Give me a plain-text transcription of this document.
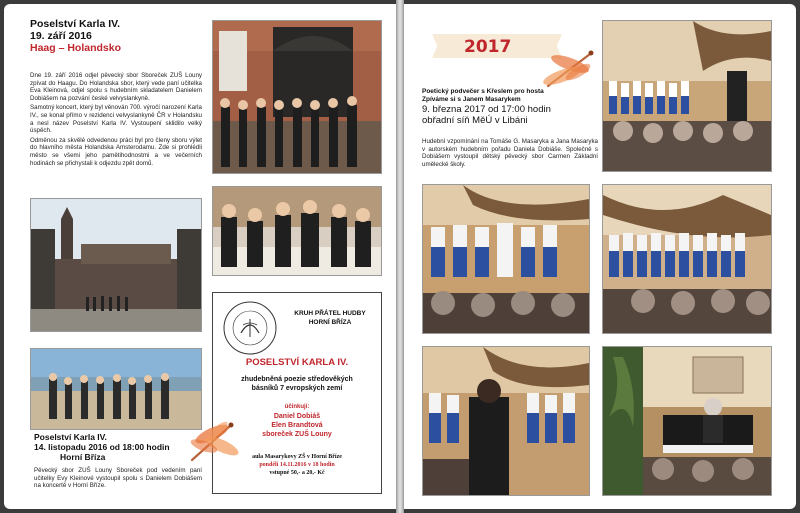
Poselství Karla IV.
19. září 2016
Haag – Holandsko

Dne 19. září 2016 odjel pěvecký sbor Sboreček ZUŠ Louny zpívat do Haagu. Do Holandska sbor, který vede paní učitelka Eva Kleinová, odjel spolu s hudebním skladatelem Danielem Dobiášem na pozvání české velvyslankyně.

Samotný koncert, který byl věnován 700. výročí narození Karla IV., se konal přímo v rezidenci velvyslankyně ČR v Holandsku a nesl název Poselství Karla IV. Vystoupení sklidilo velký úspěch.

Odměnou za skvělé odvedenou práci byl pro členy sboru výlet do hlavního města Holandska Amsterodamu. Zde si prohlédli město se všemi jeho pamětihodnostmi a ve večerních hodinách se přichystali k odjezdu zpět domů.

Poselství Karla IV.
14. listopadu 2016 od 18:00 hodin
Horní Bříza

Pěvecký sbor ZUŠ Louny Sboreček pod vedením paní učitelky Evy Kleinové vystoupil spolu s Danielem Dobiášem na koncertě v Horní Bříze.

KRUH PŘÁTEL HUDBY
HORNÍ BŘÍZA
POSELSTVÍ KARLA IV.
zhudebněná poezie středověkých
básníků 7 evropských zemí
účinkují:
Daniel Dobiáš
Elen Brandtová
sboreček ZUŠ Louny
aula Masarykovy ZŠ v Horní Bříze
pondělí 14.11.2016 v 18 hodin
vstupné 50,- a 20,- Kč
2017
Poetický podvečer s Křeslem pro hosta
Zpíváme si s Janem Masarykem
9. března 2017 od 17:00 hodin
obřadní síň MěÚ v Libáni

Hudební vzpomínání na Tomáše G. Masaryka a Jana Masaryka v autorském hudebním pořadu Daniela Dobiáše. Společně s Dobiášem vystoupil dětský pěvecký sbor Carmen Základní umělecké školy.
